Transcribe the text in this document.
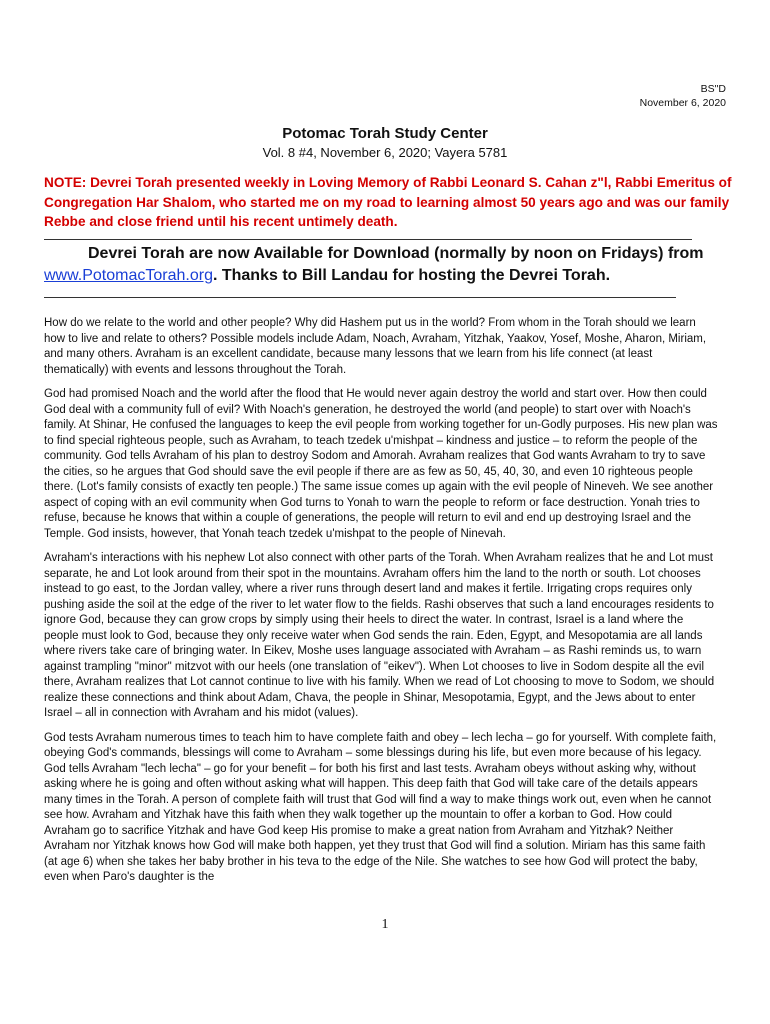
BS"D
November 6, 2020
Potomac Torah Study Center
Vol. 8 #4, November 6, 2020; Vayera 5781

NOTE: Devrei Torah presented weekly in Loving Memory of Rabbi Leonard S. Cahan z"l, Rabbi Emeritus of Congregation Har Shalom, who started me on my road to learning almost 50 years ago and was our family Rebbe and close friend until his recent untimely death.

Devrei Torah are now Available for Download (normally by noon on Fridays) from www.PotomacTorah.org. Thanks to Bill Landau for hosting the Devrei Torah.

How do we relate to the world and other people? Why did Hashem put us in the world? From whom in the Torah should we learn how to live and relate to others? Possible models include Adam, Noach, Avraham, Yitzhak, Yaakov, Yosef, Moshe, Aharon, Miriam, and many others. Avraham is an excellent candidate, because many lessons that we learn from his life connect (at least thematically) with events and lessons throughout the Torah.

God had promised Noach and the world after the flood that He would never again destroy the world and start over. How then could God deal with a community full of evil? With Noach's generation, he destroyed the world (and people) to start over with Noach's family. At Shinar, He confused the languages to keep the evil people from working together for un-Godly purposes. His new plan was to find special righteous people, such as Avraham, to teach tzedek u'mishpat – kindness and justice – to reform the people of the community. God tells Avraham of his plan to destroy Sodom and Amorah. Avraham realizes that God wants Avraham to try to save the cities, so he argues that God should save the evil people if there are as few as 50, 45, 40, 30, and even 10 righteous people there. (Lot's family consists of exactly ten people.) The same issue comes up again with the evil people of Nineveh. We see another aspect of coping with an evil community when God turns to Yonah to warn the people to reform or face destruction. Yonah tries to refuse, because he knows that within a couple of generations, the people will return to evil and end up destroying Israel and the Temple. God insists, however, that Yonah teach tzedek u'mishpat to the people of Ninevah.

Avraham's interactions with his nephew Lot also connect with other parts of the Torah. When Avraham realizes that he and Lot must separate, he and Lot look around from their spot in the mountains. Avraham offers him the land to the north or south. Lot chooses instead to go east, to the Jordan valley, where a river runs through desert land and makes it fertile. Irrigating crops requires only pushing aside the soil at the edge of the river to let water flow to the fields. Rashi observes that such a land encourages residents to ignore God, because they can grow crops by simply using their heels to direct the water. In contrast, Israel is a land where the people must look to God, because they only receive water when God sends the rain. Eden, Egypt, and Mesopotamia are all lands where rivers take care of bringing water. In Eikev, Moshe uses language associated with Avraham – as Rashi reminds us, to warn against trampling "minor" mitzvot with our heels (one translation of "eikev"). When Lot chooses to live in Sodom despite all the evil there, Avraham realizes that Lot cannot continue to live with his family. When we read of Lot choosing to move to Sodom, we should realize these connections and think about Adam, Chava, the people in Shinar, Mesopotamia, Egypt, and the Jews about to enter Israel – all in connection with Avraham and his midot (values).

God tests Avraham numerous times to teach him to have complete faith and obey – lech lecha – go for yourself. With complete faith, obeying God's commands, blessings will come to Avraham – some blessings during his life, but even more because of his legacy. God tells Avraham "lech lecha" – go for your benefit – for both his first and last tests. Avraham obeys without asking why, without asking where he is going and often without asking what will happen. This deep faith that God will take care of the details appears many times in the Torah. A person of complete faith will trust that God will find a way to make things work out, even when he cannot see how. Avraham and Yitzhak have this faith when they walk together up the mountain to offer a korban to God. How could Avraham go to sacrifice Yitzhak and have God keep His promise to make a great nation from Avraham and Yitzhak? Neither Avraham nor Yitzhak knows how God will make both happen, yet they trust that God will find a solution. Miriam has this same faith (at age 6) when she takes her baby brother in his teva to the edge of the Nile. She watches to see how God will protect the baby, even when Paro's daughter is the

1
